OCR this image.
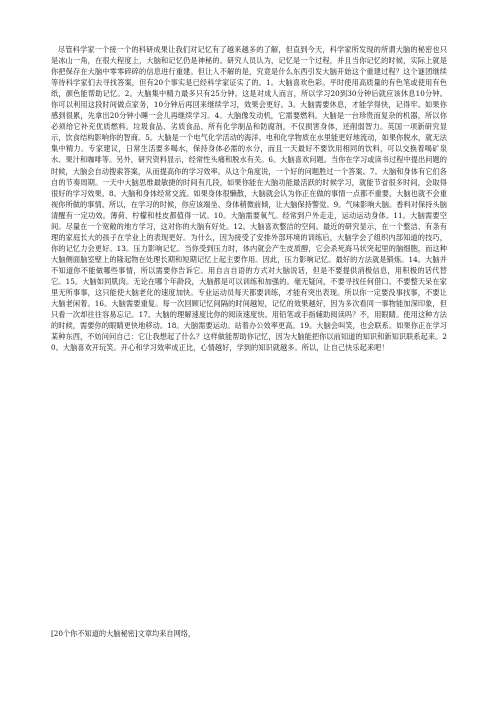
尽管科学家一个接一个的科研成果让我们对记忆有了越来越多的了解，但直到今天，科学家所发现的所谓大脑的秘密也只是冰山一角，在很大程度上，大脑和记忆仍是神秘的。研究人员认为，记忆是一个过程，并且当你记忆的时候，实际上就是你把保存在大脑中零零碎碎的信息进行重建。但让人不解的是，究竟是什么东西引发大脑开始这个重建过程？这个谜团继续等待科学家们去寻找答案，但有20个事实是已经科学家证实了的。1。大脑喜欢色彩。平时使用高质量的有色笔或使用有色纸，颜色能帮助记忆。2。大脑集中精力最多只有25分钟。这是对成人而言，所以学习20到30分钟后就应该休息10分钟。你可以利用这段时间做点家务，10分钟后再回来继续学习，效果会更好。3。大脑需要休息，才能学得快，记得牢。如果你感到很累，先拿出20分钟小睡一会儿再继续学习。4。大脑像发动机，它需要燃料。大脑是一台珍贵而复杂的机器，所以你必须给它补充优质燃料。垃圾食品、劣质食品、所有化学制品和防腐剂，不仅损害身体，还削弱智力。英国一项新研究显示，饮食结构影响你的智商。5。大脑是一个电气化学活动的海洋。电和化学物质在水里能更好地流动，如果你脱水，就无法集中精力。专家建议，日常生活要多喝水，保持身体必需的水分，而且一天最好不要饮用相同的饮料，可以交换着喝矿泉水、果汁和咖啡等。另外，研究资料显示，经常性头痛和脱水有关。6。大脑喜欢问题。当你在学习或读书过程中提出问题的时候，大脑会自动搜索答案，从而提高你的学习效率。从这个角度说，一个好的问题胜过一个答案。7。大脑和身体有它们各自的节奏周期。一天中大脑思维最敏捷的时间有几段，如果你能在大脑功能最活跃的时候学习，就能节省很多时间，会取得很好的学习效果。8。大脑和身体经常交流。如果身体很懒散，大脑就会认为你正在做的事情一点都不重要，大脑也就不会重视你所做的事情。所以，在学习的时候，你应该端坐、身体稍微前倾，让大脑保持警觉。9。气味影响大脑。香料对保持头脑清醒有一定功效。薄荷、柠檬和桂皮都值得一试。10。大脑需要氧气。经常到户外走走，运动运动身体。11。大脑需要空间。尽量在一个宽敞的地方学习，这对你的大脑有好处。12。大脑喜欢整洁的空间。最近的研究显示，在一个整洁、有条有理的家庭长大的孩子在学业上的表现更好。为什么，因为接受了安排外部环境的训练后，大脑学会了组织内部知道的技巧，你的记忆力会更好。13。压力影响记忆。当你受到压力时，体内就会产生皮质醇，它会杀死海马状突起里的脑细胞，而这种大脑侧面脑室壁上的隆起物在处理长期和短期记忆上起主要作用。因此，压力影响记忆。最好的方法就是锻炼。14。大脑并不知道你不能做哪些事情，所以需要你告诉它。用自言自语的方式对大脑说话，但是不要提供消极信息，用积极的话代替它。15。大脑如同肌肉。无论在哪个年龄段，大脑都是可以训练和加强的。毫无疑问，不要寻找任何借口。不要整天呆在家里无所事事，这只能使大脑老化的速度加快。专业运动员每天都要训练，才能有突出表现。所以你一定要没事找事，不要让大脑老闲着。16。大脑需要重复。每一次回顾记忆间隔的时间越短，记忆的效果越好，因为多次看同一事物能加深印象，但只看一次却往往容易忘记。17。大脑的理解速度比你的阅读速度快。用铅笔或手指辅助阅读吗？不，用眼睛。使用这种方法的时候，需要你的眼睛更快地移动。18。大脑需要运动。站着办公效率更高。19。大脑会叫笑，也会联系。如果你正在学习某种东西，不妨问问自己：它让我想起了什么？这样做能帮助你记忆，因为大脑能把你以前知道的知识和新知识联系起来。20。大脑喜欢开玩笑。开心和学习效率成正比，心情越好，学到的知识就越多。所以，让自己快乐起来吧！

[20个你不知道的大脑秘密]文章均来自网络，
